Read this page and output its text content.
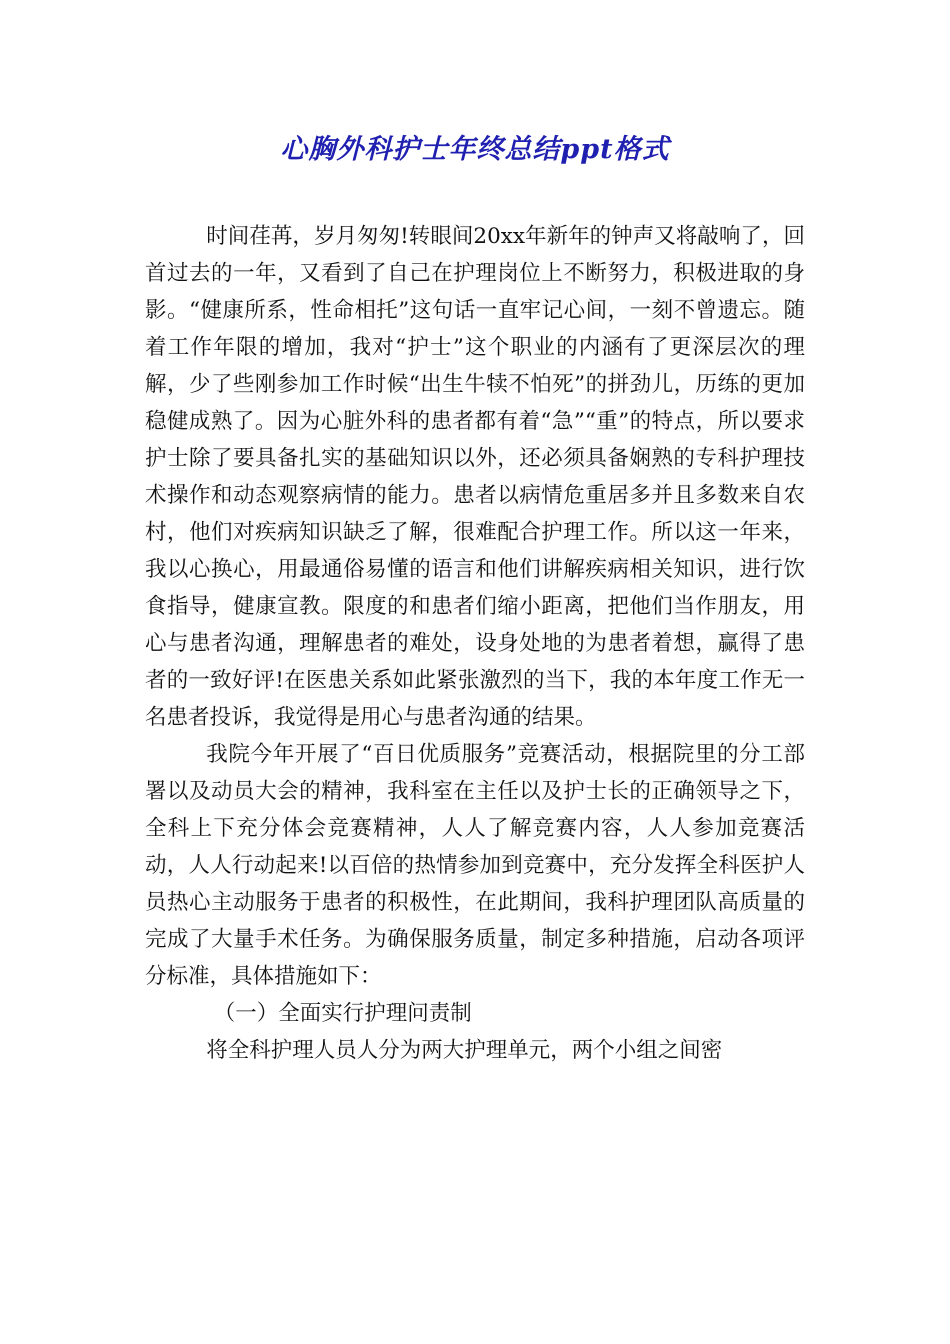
心胸外科护士年终总结ppt格式

时间荏苒，岁月匆匆!转眼间20xx年新年的钟声又将敲响了，回首过去的一年，又看到了自己在护理岗位上不断努力，积极进取的身影。“健康所系，性命相托”这句话一直牢记心间，一刻不曾遗忘。随着工作年限的增加，我对“护士”这个职业的内涵有了更深层次的理解，少了些刚参加工作时候“出生牛犊不怕死”的拼劲儿，历练的更加稳健成熟了。因为心脏外科的患者都有着“急”“重”的特点，所以要求护士除了要具备扎实的基础知识以外，还必须具备娴熟的专科护理技术操作和动态观察病情的能力。患者以病情危重居多并且多数来自农村，他们对疾病知识缺乏了解，很难配合护理工作。所以这一年来，我以心换心，用最通俗易懂的语言和他们讲解疾病相关知识，进行饮食指导，健康宣教。限度的和患者们缩小距离，把他们当作朋友，用心与患者沟通，理解患者的难处，设身处地的为患者着想，赢得了患者的一致好评!在医患关系如此紧张激烈的当下，我的本年度工作无一名患者投诉，我觉得是用心与患者沟通的结果。

我院今年开展了“百日优质服务”竞赛活动，根据院里的分工部署以及动员大会的精神，我科室在主任以及护士长的正确领导之下，全科上下充分体会竞赛精神，人人了解竞赛内容，人人参加竞赛活动，人人行动起来!以百倍的热情参加到竞赛中，充分发挥全科医护人员热心主动服务于患者的积极性，在此期间，我科护理团队高质量的完成了大量手术任务。为确保服务质量，制定多种措施，启动各项评分标准，具体措施如下：

（一）全面实行护理问责制

将全科护理人员人分为两大护理单元，两个小组之间密
